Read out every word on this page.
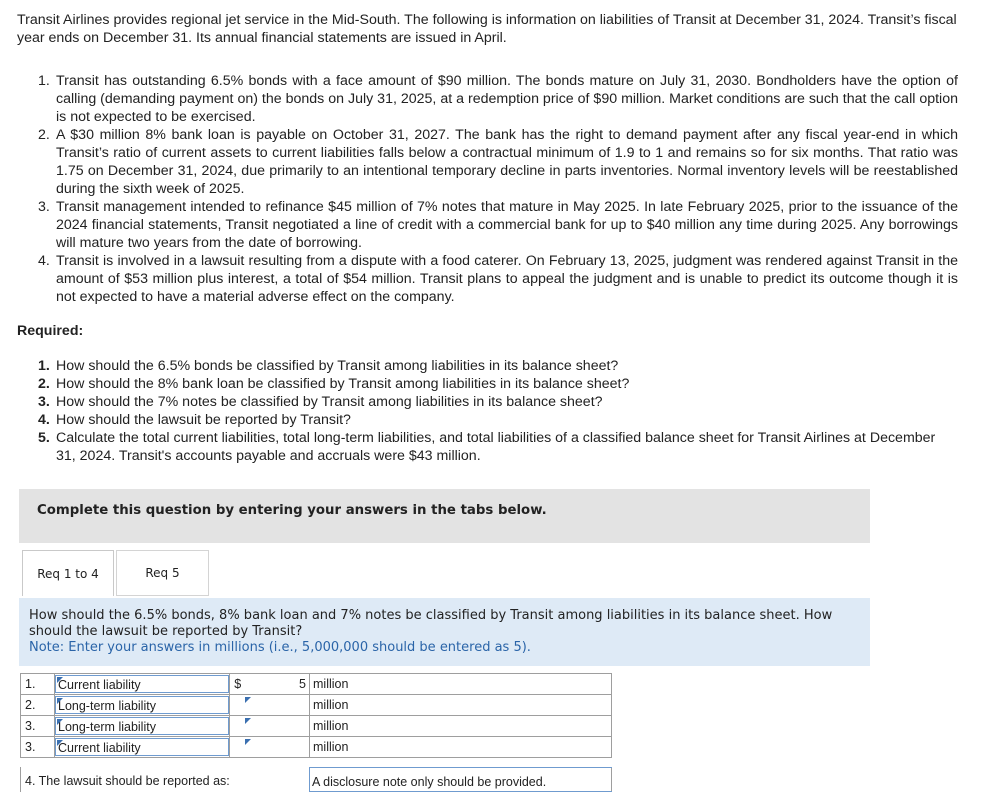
Transit Airlines provides regional jet service in the Mid-South. The following is information on liabilities of Transit at December 31, 2024. Transit’s fiscal year ends on December 31. Its annual financial statements are issued in April.
1. Transit has outstanding 6.5% bonds with a face amount of $90 million. The bonds mature on July 31, 2030. Bondholders have the option of calling (demanding payment on) the bonds on July 31, 2025, at a redemption price of $90 million. Market conditions are such that the call option is not expected to be exercised.
2. A $30 million 8% bank loan is payable on October 31, 2027. The bank has the right to demand payment after any fiscal year-end in which Transit’s ratio of current assets to current liabilities falls below a contractual minimum of 1.9 to 1 and remains so for six months. That ratio was 1.75 on December 31, 2024, due primarily to an intentional temporary decline in parts inventories. Normal inventory levels will be reestablished during the sixth week of 2025.
3. Transit management intended to refinance $45 million of 7% notes that mature in May 2025. In late February 2025, prior to the issuance of the 2024 financial statements, Transit negotiated a line of credit with a commercial bank for up to $40 million any time during 2025. Any borrowings will mature two years from the date of borrowing.
4. Transit is involved in a lawsuit resulting from a dispute with a food caterer. On February 13, 2025, judgment was rendered against Transit in the amount of $53 million plus interest, a total of $54 million. Transit plans to appeal the judgment and is unable to predict its outcome though it is not expected to have a material adverse effect on the company.
Required:
1. How should the 6.5% bonds be classified by Transit among liabilities in its balance sheet?
2. How should the 8% bank loan be classified by Transit among liabilities in its balance sheet?
3. How should the 7% notes be classified by Transit among liabilities in its balance sheet?
4. How should the lawsuit be reported by Transit?
5. Calculate the total current liabilities, total long-term liabilities, and total liabilities of a classified balance sheet for Transit Airlines at December 31, 2024. Transit's accounts payable and accruals were $43 million.
Complete this question by entering your answers in the tabs below.
Req 1 to 4	Req 5
How should the 6.5% bonds, 8% bank loan and 7% notes be classified by Transit among liabilities in its balance sheet. How should the lawsuit be reported by Transit?
Note: Enter your answers in millions (i.e., 5,000,000 should be entered as 5).
1.	Current liability	$	5	million
2.	Long-term liability			million
3.	Long-term liability			million
3.	Current liability			million
4. The lawsuit should be reported as:	A disclosure note only should be provided.
